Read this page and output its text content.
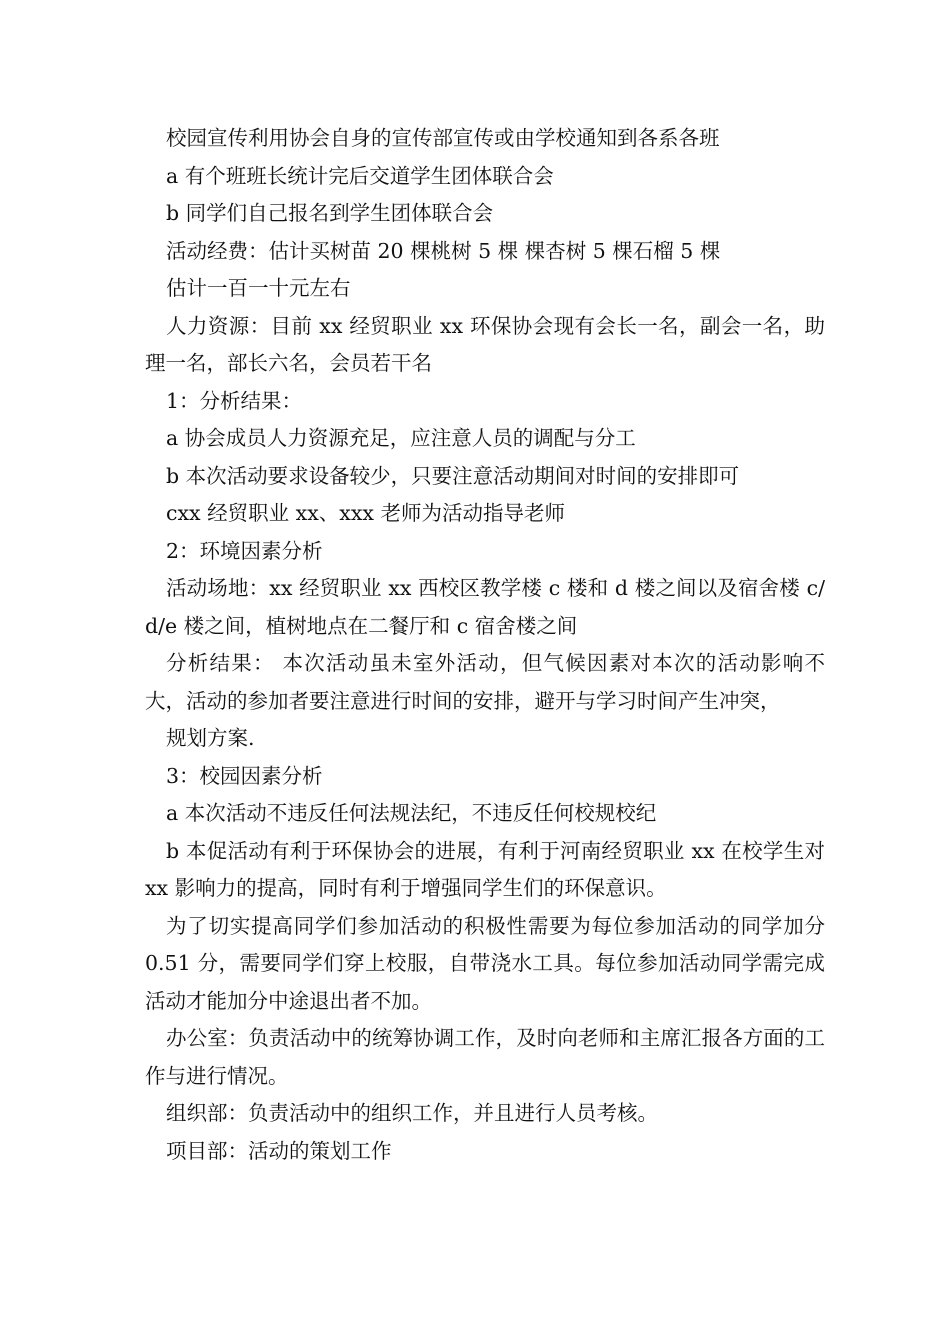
校园宣传利用协会自身的宣传部宣传或由学校通知到各系各班

a 有个班班长统计完后交道学生团体联合会

b 同学们自己报名到学生团体联合会

活动经费：估计买树苗 20 棵桃树 5 棵 棵杏树 5 棵石榴 5 棵

估计一百一十元左右

人力资源：目前 xx 经贸职业 xx 环保协会现有会长一名，副会一名，助理一名，部长六名，会员若干名

1：分析结果：

a 协会成员人力资源充足，应注意人员的调配与分工

b 本次活动要求设备较少，只要注意活动期间对时间的安排即可

cxx 经贸职业 xx、xxx 老师为活动指导老师

2：环境因素分析

活动场地：xx 经贸职业 xx 西校区教学楼 c 楼和 d 楼之间以及宿舍楼 c/d/e 楼之间，植树地点在二餐厅和 c 宿舍楼之间

分析结果： 本次活动虽未室外活动，但气候因素对本次的活动影响不大，活动的参加者要注意进行时间的安排，避开与学习时间产生冲突，

规划方案.

3：校园因素分析

a 本次活动不违反任何法规法纪，不违反任何校规校纪

b 本促活动有利于环保协会的进展，有利于河南经贸职业 xx 在校学生对 xx 影响力的提高，同时有利于增强同学生们的环保意识。

为了切实提高同学们参加活动的积极性需要为每位参加活动的同学加分 0.51 分，需要同学们穿上校服，自带浇水工具。每位参加活动同学需完成活动才能加分中途退出者不加。

办公室：负责活动中的统筹协调工作，及时向老师和主席汇报各方面的工作与进行情况。

组织部：负责活动中的组织工作，并且进行人员考核。

项目部：活动的策划工作
